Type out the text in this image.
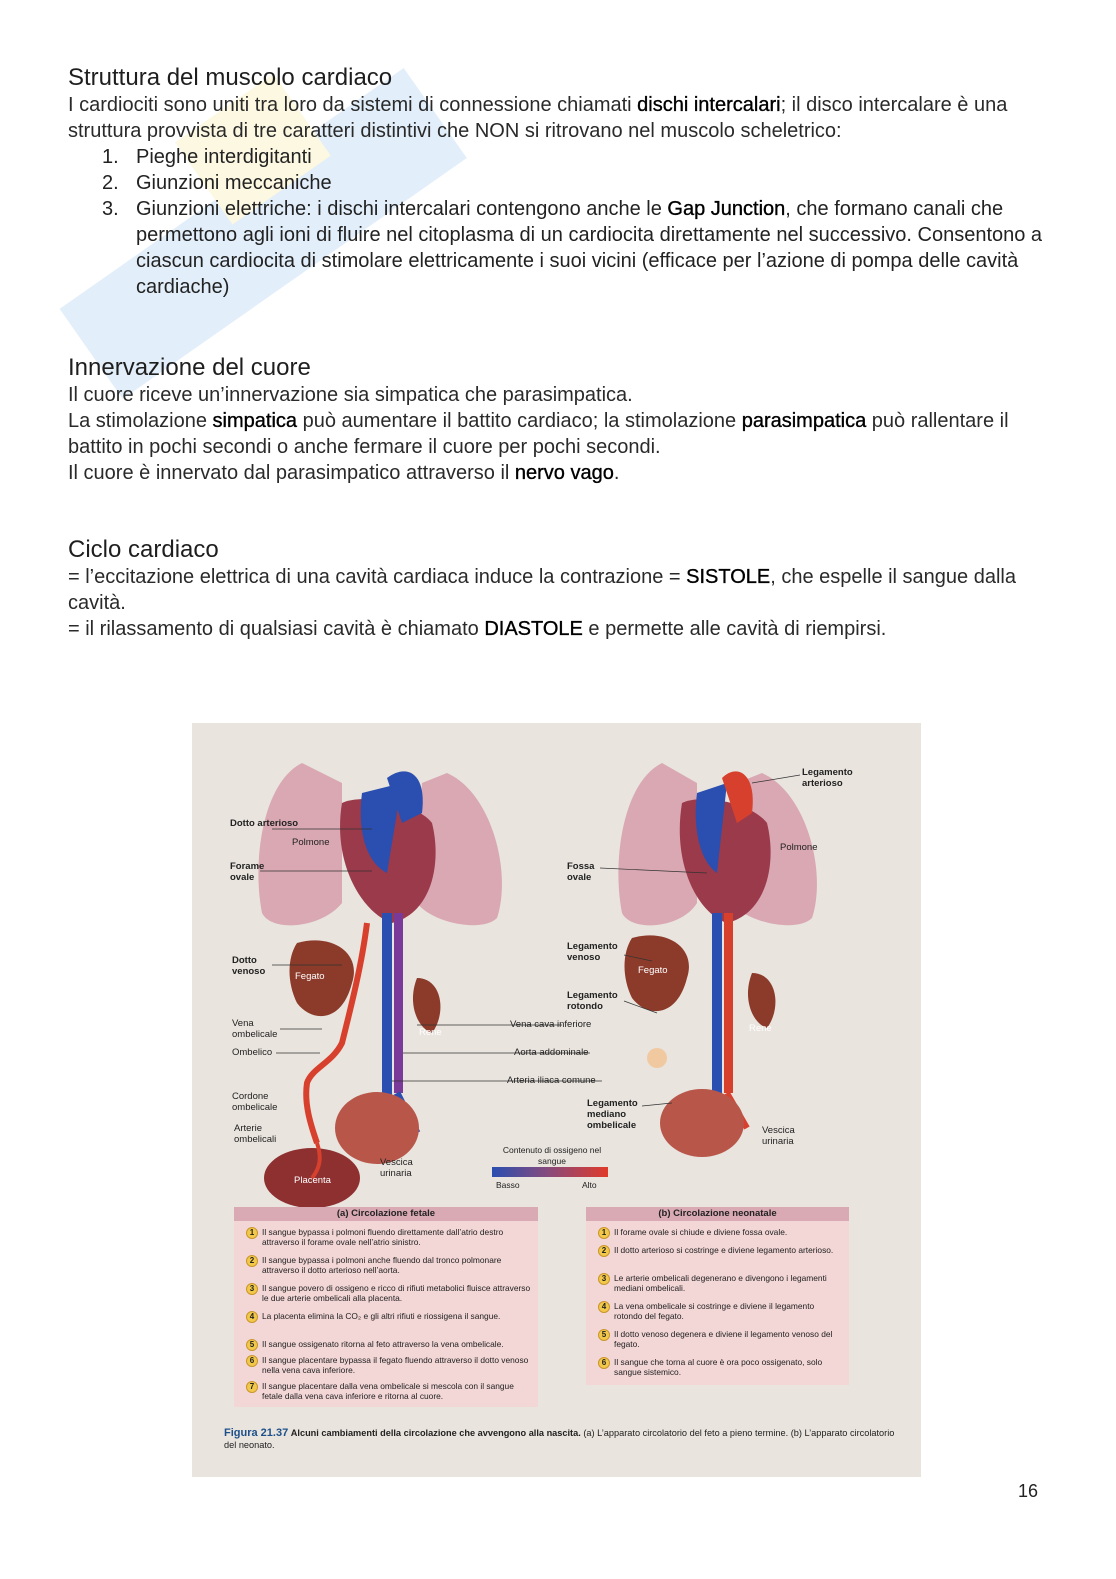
Struttura del muscolo cardiaco

I cardiociti sono uniti tra loro da sistemi di connessione chiamati dischi intercalari; il disco intercalare è una struttura provvista di tre caratteri distintivi che NON si ritrovano nel muscolo scheletrico:

1. Pieghe interdigitanti
2. Giunzioni meccaniche
3. Giunzioni elettriche: i dischi intercalari contengono anche le Gap Junction, che formano canali che permettono agli ioni di fluire nel citoplasma di un cardiocita direttamente nel successivo. Consentono a ciascun cardiocita di stimolare elettricamente i suoi vicini (efficace per l’azione di pompa delle cavità cardiache)
Innervazione del cuore

Il cuore riceve un’innervazione sia simpatica che parasimpatica.

La stimolazione simpatica può aumentare il battito cardiaco; la stimolazione parasimpatica può rallentare il battito in pochi secondi o anche fermare il cuore per pochi secondi.

Il cuore è innervato dal parasimpatico attraverso il nervo vago.

Ciclo cardiaco

= l’eccitazione elettrica di una cavità cardiaca induce la contrazione = SISTOLE, che espelle il sangue dalla cavità.

= il rilassamento di qualsiasi cavità è chiamato DIASTOLE e permette alle cavità di riempirsi.

Dotto arterioso
Forame ovale
Dotto venoso
Vena ombelicale
Ombelico
Cordone ombelicale
Arterie ombelicali
Polmone
Fegato
Rene
Placenta
Vescica urinaria
Vena cava inferiore
Aorta addominale
Arteria iliaca comune
Contenuto di ossigeno nel sangue
Basso	Alto
Legamento arterioso
Fossa ovale
Legamento venoso
Legamento rotondo
Legamento mediano ombelicale
Polmone
Fegato
Rene
Vescica urinaria
(a) Circolazione fetale
1 Il sangue bypassa i polmoni fluendo direttamente dall’atrio destro attraverso il forame ovale nell’atrio sinistro.
2 Il sangue bypassa i polmoni anche fluendo dal tronco polmonare attraverso il dotto arterioso nell’aorta.
3 Il sangue povero di ossigeno e ricco di rifiuti metabolici fluisce attraverso le due arterie ombelicali alla placenta.
4 La placenta elimina la CO₂ e gli altri rifiuti e riossigena il sangue.
5 Il sangue ossigenato ritorna al feto attraverso la vena ombelicale.
6 Il sangue placentare bypassa il fegato fluendo attraverso il dotto venoso nella vena cava inferiore.
7 Il sangue placentare dalla vena ombelicale si mescola con il sangue fetale dalla vena cava inferiore e ritorna al cuore.
(b) Circolazione neonatale
1 Il forame ovale si chiude e diviene fossa ovale.
2 Il dotto arterioso si costringe e diviene legamento arterioso.
3 Le arterie ombelicali degenerano e divengono i legamenti mediani ombelicali.
4 La vena ombelicale si costringe e diviene il legamento rotondo del fegato.
5 Il dotto venoso degenera e diviene il legamento venoso del fegato.
6 Il sangue che torna al cuore è ora poco ossigenato, solo sangue sistemico.
Figura 21.37 Alcuni cambiamenti della circolazione che avvengono alla nascita. (a) L’apparato circolatorio del feto a pieno termine. (b) L’apparato circolatorio del neonato.
16
